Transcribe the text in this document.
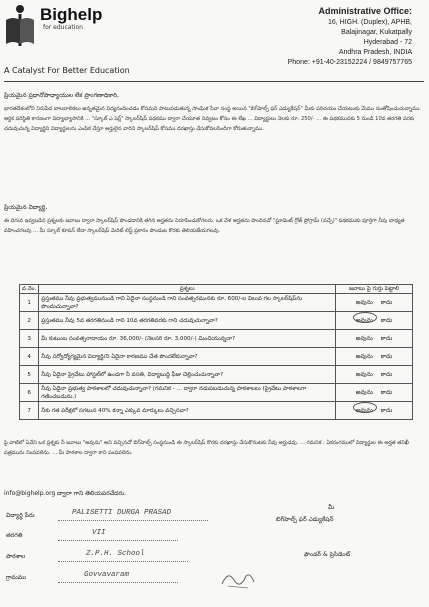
Bighelp
for education
A Catalyst For Better Education
Administrative Office:
16, HIGH. (Duplex), APHB,
Balajinagar, Kukatpally
Hyderabad - 72
Andhra Pradesh, INDIA
Phone: +91-40-23152224 / 9849757765
ప్రియమైన ప్రధానోపాధ్యాయుల లేక ప్రాంగణాధికారి,
భారతదేశంలోని నిరుపేద బాలబాలికలు ఉన్నతమైన విద్యనందించడం కోసమని పాటుపడుతున్న సాంఘిక సేవా సంస్థ అయిన "బిగ్‌హెల్ప్ ఫర్ ఎడ్యుకేషన్" మీకు పరిచయం చేయటంకు మేము సంతోషించుచున్నాము. ఆర్థిక పరిస్థితి కారణంగా విద్యాభ్యాసానికి ... "స్కూల్ ఎ పెర్ల్" స్కాలర్‌షిప్ పథకము ద్వారా చేయూత నివ్వటం కోసం ఈ లేఖ ... విద్యార్థులు నెలకు రూ. 250/- ... ఈ పథకమునకు 5 నుండి 10వ తరగతి వరకు చదువుచున్న విద్యార్థిని విద్యార్థులను ఎంపిక చేస్తూ అర్హులైన వారిని స్కాలర్‌షిప్ కోసము దరఖాస్తు చేసుకోవలసిందిగా కోరుతున్నాము.
ప్రియమైన విద్యార్థి,
ఈ దిగువ ఇవ్వబడిన ప్రశ్నలకు జవాబు ద్వారా స్కాలర్‌షిప్ పొందడానికి తగిన అర్హతను నిరూపించుకోగలరు. ఒక వేళ అర్హతను పొందినచో "స్టూడెంట్ గ్రోత్ ప్రోగ్రామ్ (వచ్చే)" పథకముకు పూర్తిగా నీవు బాధ్యత వహించగలవు ... మీ స్కూల్ కూపన్ లేదా స్కాలర్‌షిప్ మెరిట్ లిస్ట్ ప్రకారం పొందుట కొరకు తెలియజేయగలవు.
వ.నెం.	ప్రశ్నలు	జవాబు పై గుర్తు పెట్టాలి
1	ప్రస్తుతము నీవు ప్రభుత్వమునుండి గాని ఏదైనా సంస్థనుండి గాని సంవత్సరమునకు రూ. 600/-ల విలువ గల స్కాలర్‌షిప్‌ను పొందుచున్నావా?	అవును కాదు
2	ప్రస్తుతము నీవు 5వ తరగతినుండి గాని 10వ తరగతివరకు గాని చదువుచున్నావా?	అవును కాదు
3	మీ కుటుంబ సంవత్సరాదాయం రూ. 36,000/- (నెలసరి రూ. 3,000/-) మించియున్నదా?	అవును కాదు
4	నీవు సర్వోద్యోగ్యమైన విద్యార్థి/ని ఏదైనా కారణము చేత పొందలేకున్నావా?	అవును కాదు
5	నీవు ఏదైనా ప్రైవేటు హాస్టల్‌లో ఉండగా నీ వసతి, విద్యాబుద్ధి ఫీజు చెల్లించుచున్నావా?	అవును కాదు
6	నీవు ఏదైనా ప్రభుత్వ పాఠశాలలో చదువుచున్నావా? (గమనిక - ... ద్వారా నడుపబడుచున్న పాఠశాలలు (ప్రైవేటు పాఠశాలగా గణించబడును.)	అవును కాదు
7	నీకు గత పరీక్షలో సగటున 40% కన్నా ఎక్కువ మార్కులు వచ్చినవా?	అవును కాదు
పై వాటిలో ఏవేని ఒక ప్రశ్నకు నీ జవాబు "అవును" అని వచ్చినచో బిగ్‌హెల్ప్ సంస్థనుండి ఈ స్కాలర్‌షిప్ కొరకు దరఖాస్తు చేసుకొనుటకు నీవు అర్హుడవు. ... గమనిక : ఏకరంగములో విద్యార్థుల ఈ అర్హత తనిఖీ పత్రమును నింపవలెను. ... మీ పాఠశాల ద్వారా కాని పంపవలెను.
info@bighelp.org ద్వారా గాని తెలియపరచేదరు.
విద్యార్థి పేరు	PALISETTI DURGA PRASAD
తరగతి	VII
పాఠశాల	Z.P.H. School
గ్రామము	Govvavaram
మీ
బిగ్‌హెల్ప్ ఫర్ ఎడ్యుకేషన్
ఫౌండర్ & ప్రెసిడెంట్
